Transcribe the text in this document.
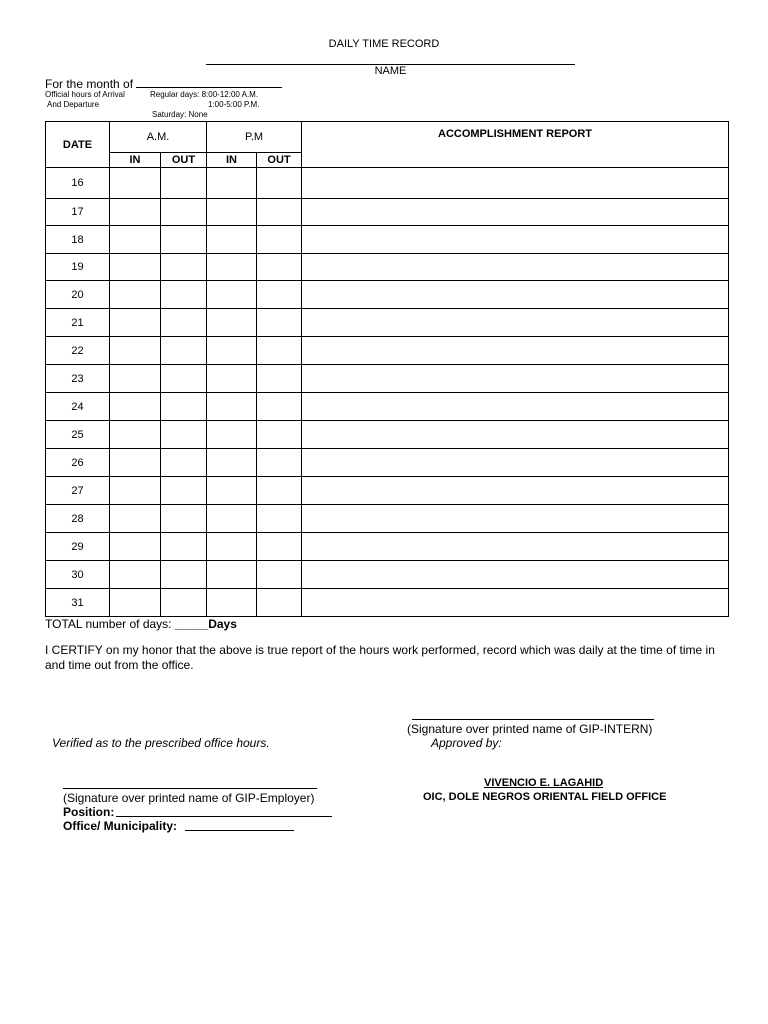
DAILY TIME RECORD
NAME
For the month of
Official hours of Arrival
And Departure
Regular days: 8:00-12:00 A.M.
1:00-5:00 P.M.
Saturday: None
DATE	A.M.		P.M		ACCOMPLISHMENT REPORT
	IN	OUT	IN	OUT	
16					
17					
18					
19					
20					
21					
22					
23					
24					
25					
26					
27					
28					
29					
30					
31					
TOTAL number of days: _____Days
I CERTIFY on my honor that the above is true report of the hours work performed, record which was daily at the time of time in and time out from the office.
(Signature over printed name of GIP-INTERN)
Verified as to the prescribed office hours.	Approved by:
(Signature over printed name of GIP-Employer)
Position:
Office/ Municipality:
VIVENCIO E. LAGAHID
OIC, DOLE NEGROS ORIENTAL FIELD OFFICE
